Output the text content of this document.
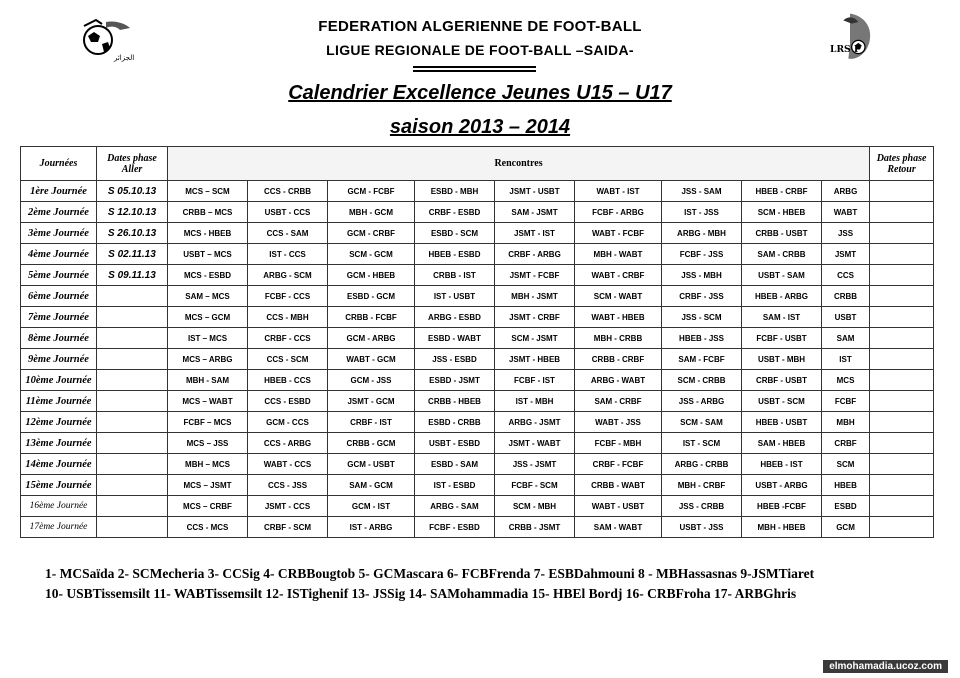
الجزائر
LRS F
FEDERATION ALGERIENNE DE FOOT-BALL
LIGUE REGIONALE DE FOOT-BALL –SAIDA-
Calendrier Excellence Jeunes U15 – U17
saison 2013 – 2014
Journées	Dates phase Aller	Rencontres									Dates phase Retour
1ère Journée	S 05.10.13	MCS – SCM	CCS - CRBB	GCM - FCBF	ESBD - MBH	JSMT - USBT	WABT - IST	JSS - SAM	HBEB - CRBF	ARBG	
2ème Journée	S 12.10.13	CRBB – MCS	USBT - CCS	MBH - GCM	CRBF - ESBD	SAM - JSMT	FCBF - ARBG	IST - JSS	SCM - HBEB	WABT	
3ème Journée	S 26.10.13	MCS - HBEB	CCS - SAM	GCM - CRBF	ESBD - SCM	JSMT - IST	WABT - FCBF	ARBG - MBH	CRBB - USBT	JSS	
4ème Journée	S 02.11.13	USBT – MCS	IST - CCS	SCM - GCM	HBEB - ESBD	CRBF - ARBG	MBH - WABT	FCBF - JSS	SAM - CRBB	JSMT	
5ème Journée	S 09.11.13	MCS - ESBD	ARBG - SCM	GCM - HBEB	CRBB - IST	JSMT - FCBF	WABT - CRBF	JSS - MBH	USBT - SAM	CCS	
6ème Journée		SAM – MCS	FCBF - CCS	ESBD - GCM	IST - USBT	MBH - JSMT	SCM - WABT	CRBF - JSS	HBEB - ARBG	CRBB	
7ème Journée		MCS – GCM	CCS - MBH	CRBB - FCBF	ARBG - ESBD	JSMT - CRBF	WABT - HBEB	JSS - SCM	SAM - IST	USBT	
8ème Journée		IST – MCS	CRBF - CCS	GCM - ARBG	ESBD - WABT	SCM - JSMT	MBH - CRBB	HBEB - JSS	FCBF - USBT	SAM	
9ème Journée		MCS – ARBG	CCS - SCM	WABT - GCM	JSS - ESBD	JSMT - HBEB	CRBB - CRBF	SAM - FCBF	USBT - MBH	IST	
10ème Journée		MBH - SAM	HBEB - CCS	GCM - JSS	ESBD - JSMT	FCBF - IST	ARBG - WABT	SCM - CRBB	CRBF - USBT	MCS	
11ème Journée		MCS – WABT	CCS - ESBD	JSMT - GCM	CRBB - HBEB	IST - MBH	SAM - CRBF	JSS - ARBG	USBT - SCM	FCBF	
12ème Journée		FCBF – MCS	GCM - CCS	CRBF - IST	ESBD - CRBB	ARBG - JSMT	WABT - JSS	SCM - SAM	HBEB - USBT	MBH	
13ème Journée		MCS – JSS	CCS - ARBG	CRBB - GCM	USBT - ESBD	JSMT - WABT	FCBF - MBH	IST - SCM	SAM - HBEB	CRBF	
14ème Journée		MBH – MCS	WABT - CCS	GCM - USBT	ESBD - SAM	JSS - JSMT	CRBF - FCBF	ARBG - CRBB	HBEB - IST	SCM	
15ème Journée		MCS – JSMT	CCS - JSS	SAM - GCM	IST - ESBD	FCBF - SCM	CRBB - WABT	MBH - CRBF	USBT - ARBG	HBEB	
16ème Journée		MCS – CRBF	JSMT - CCS	GCM - IST	ARBG - SAM	SCM - MBH	WABT - USBT	JSS - CRBB	HBEB -FCBF	ESBD	
17ème Journée		CCS - MCS	CRBF - SCM	IST - ARBG	FCBF - ESBD	CRBB - JSMT	SAM - WABT	USBT - JSS	MBH - HBEB	GCM	
1- MCSaïda 2- SCMecheria 3- CCSig 4- CRBBougtob 5- GCMascara 6- FCBFrenda 7- ESBDahmouni 8 - MBHassasnas 9-JSMTiaret
10- USBTissemsilt 11- WABTissemsilt 12- ISTighenif 13- JSSig 14- SAMohammadia 15- HBEl Bordj 16- CRBFroha 17- ARBGhris
elmohamadia.ucoz.com
